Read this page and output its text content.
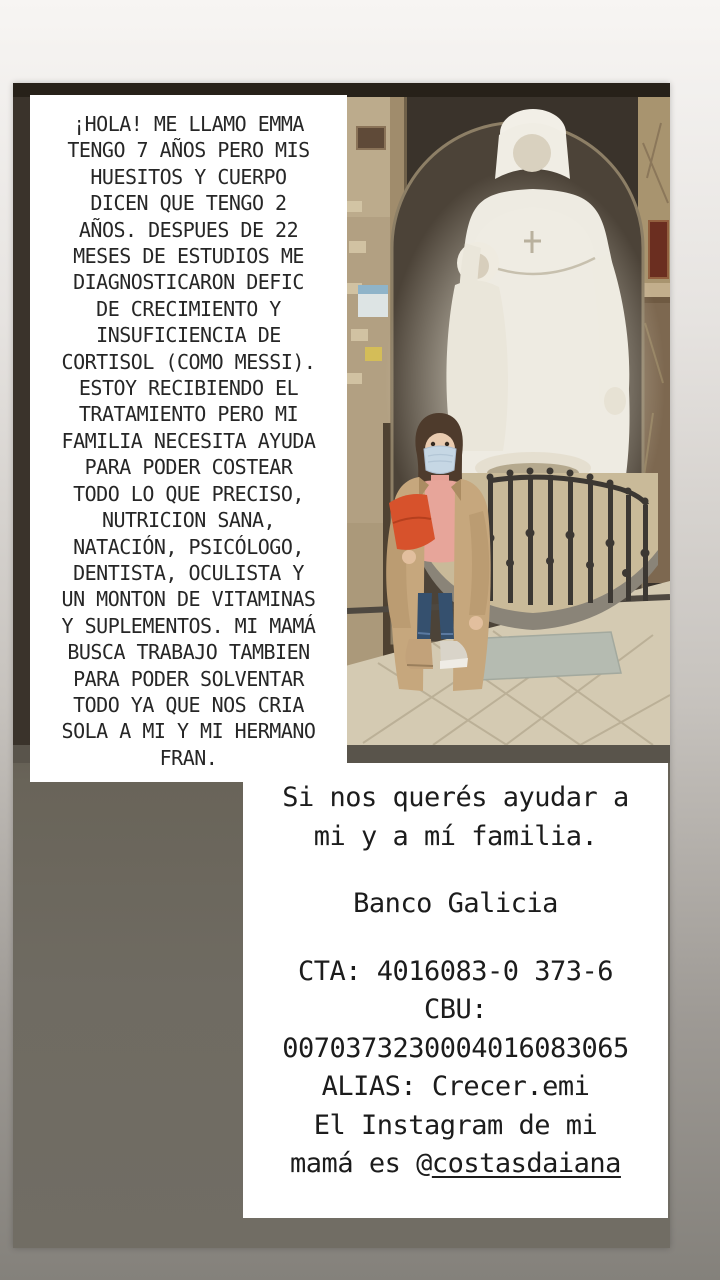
¡HOLA! ME LLAMO EMMA
TENGO 7 AÑOS PERO MIS
HUESITOS Y CUERPO
DICEN QUE TENGO 2
AÑOS. DESPUES DE 22
MESES DE ESTUDIOS ME
DIAGNOSTICARON DEFIC
DE CRECIMIENTO Y
INSUFICIENCIA DE
CORTISOL (COMO MESSI).
ESTOY RECIBIENDO EL
TRATAMIENTO PERO MI
FAMILIA NECESITA AYUDA
PARA PODER COSTEAR
TODO LO QUE PRECISO,
NUTRICION SANA,
NATACIÓN, PSICÓLOGO,
DENTISTA, OCULISTA Y
UN MONTON DE VITAMINAS
Y SUPLEMENTOS. MI MAMÁ
BUSCA TRABAJO TAMBIEN
PARA PODER SOLVENTAR
TODO YA QUE NOS CRIA
SOLA A MI Y MI HERMANO
FRAN.

Si nos querés ayudar a

mi y a mí familia.

Banco Galicia

CTA: 4016083-0 373-6

CBU:

0070373230004016083065

ALIAS: Crecer.emi

El Instagram de mi

mamá es @costasdaiana
